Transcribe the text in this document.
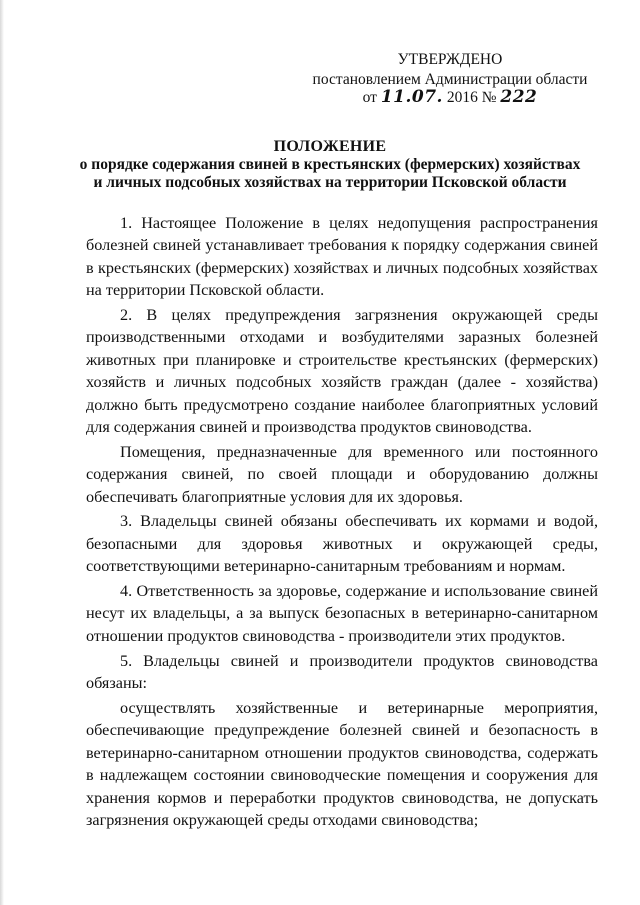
УТВЕРЖДЕНО
постановлением Администрации области
от 11.07. 2016 № 222
ПОЛОЖЕНИЕ
о порядке содержания свиней в крестьянских (фермерских) хозяйствах
и личных подсобных хозяйствах на территории Псковской области

1. Настоящее Положение в целях недопущения распространения болезней свиней устанавливает требования к порядку содержания свиней в крестьянских (фермерских) хозяйствах и личных подсобных хозяйствах на территории Псковской области.

2. В целях предупреждения загрязнения окружающей среды производственными отходами и возбудителями заразных болезней животных при планировке и строительстве крестьянских (фермерских) хозяйств и личных подсобных хозяйств граждан (далее - хозяйства) должно быть предусмотрено создание наиболее благоприятных условий для содержания свиней и производства продуктов свиноводства.

Помещения, предназначенные для временного или постоянного содержания свиней, по своей площади и оборудованию должны обеспечивать благоприятные условия для их здоровья.

3. Владельцы свиней обязаны обеспечивать их кормами и водой, безопасными для здоровья животных и окружающей среды, соответствующими ветеринарно-санитарным требованиям и нормам.

4. Ответственность за здоровье, содержание и использование свиней несут их владельцы, а за выпуск безопасных в ветеринарно-санитарном отношении продуктов свиноводства - производители этих продуктов.

5. Владельцы свиней и производители продуктов свиноводства обязаны:

осуществлять хозяйственные и ветеринарные мероприятия, обеспечивающие предупреждение болезней свиней и безопасность в ветеринарно-санитарном отношении продуктов свиноводства, содержать в надлежащем состоянии свиноводческие помещения и сооружения для хранения кормов и переработки продуктов свиноводства, не допускать загрязнения окружающей среды отходами свиноводства;
